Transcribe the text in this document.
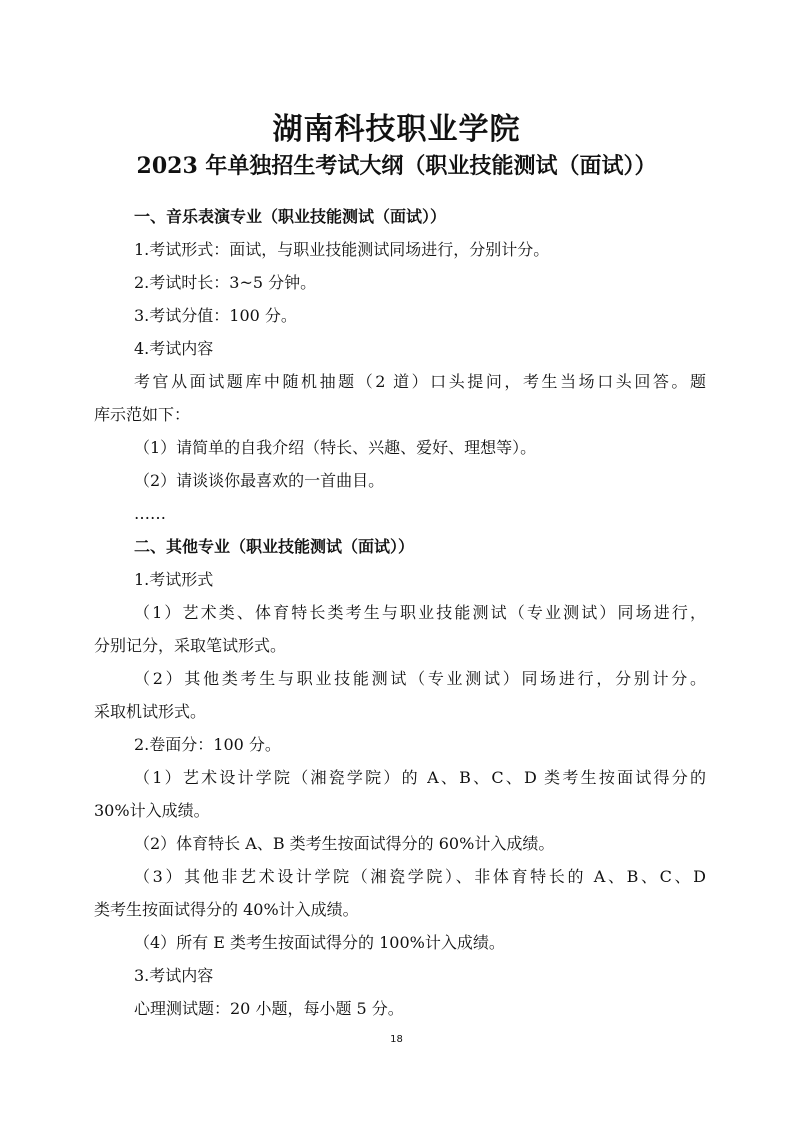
湖南科技职业学院
2023 年单独招生考试大纲（职业技能测试（面试））
一、音乐表演专业（职业技能测试（面试））
1.考试形式：面试，与职业技能测试同场进行，分别计分。
2.考试时长：3~5 分钟。
3.考试分值：100 分。
4.考试内容
考官从面试题库中随机抽题（2 道）口头提问，考生当场口头回答。题
库示范如下：
（1）请简单的自我介绍（特长、兴趣、爱好、理想等）。
（2）请谈谈你最喜欢的一首曲目。
……
二、其他专业（职业技能测试（面试））
1.考试形式
（1）艺术类、体育特长类考生与职业技能测试（专业测试）同场进行，
分别记分，采取笔试形式。
（2）其他类考生与职业技能测试（专业测试）同场进行，分别计分。
采取机试形式。
2.卷面分：100 分。
（1）艺术设计学院（湘瓷学院）的 A、B、C、D 类考生按面试得分的
30%计入成绩。
（2）体育特长 A、B 类考生按面试得分的 60%计入成绩。
（3）其他非艺术设计学院（湘瓷学院）、非体育特长的 A、B、C、D
类考生按面试得分的 40%计入成绩。
（4）所有 E 类考生按面试得分的 100%计入成绩。
3.考试内容
心理测试题：20 小题，每小题 5 分。
18
